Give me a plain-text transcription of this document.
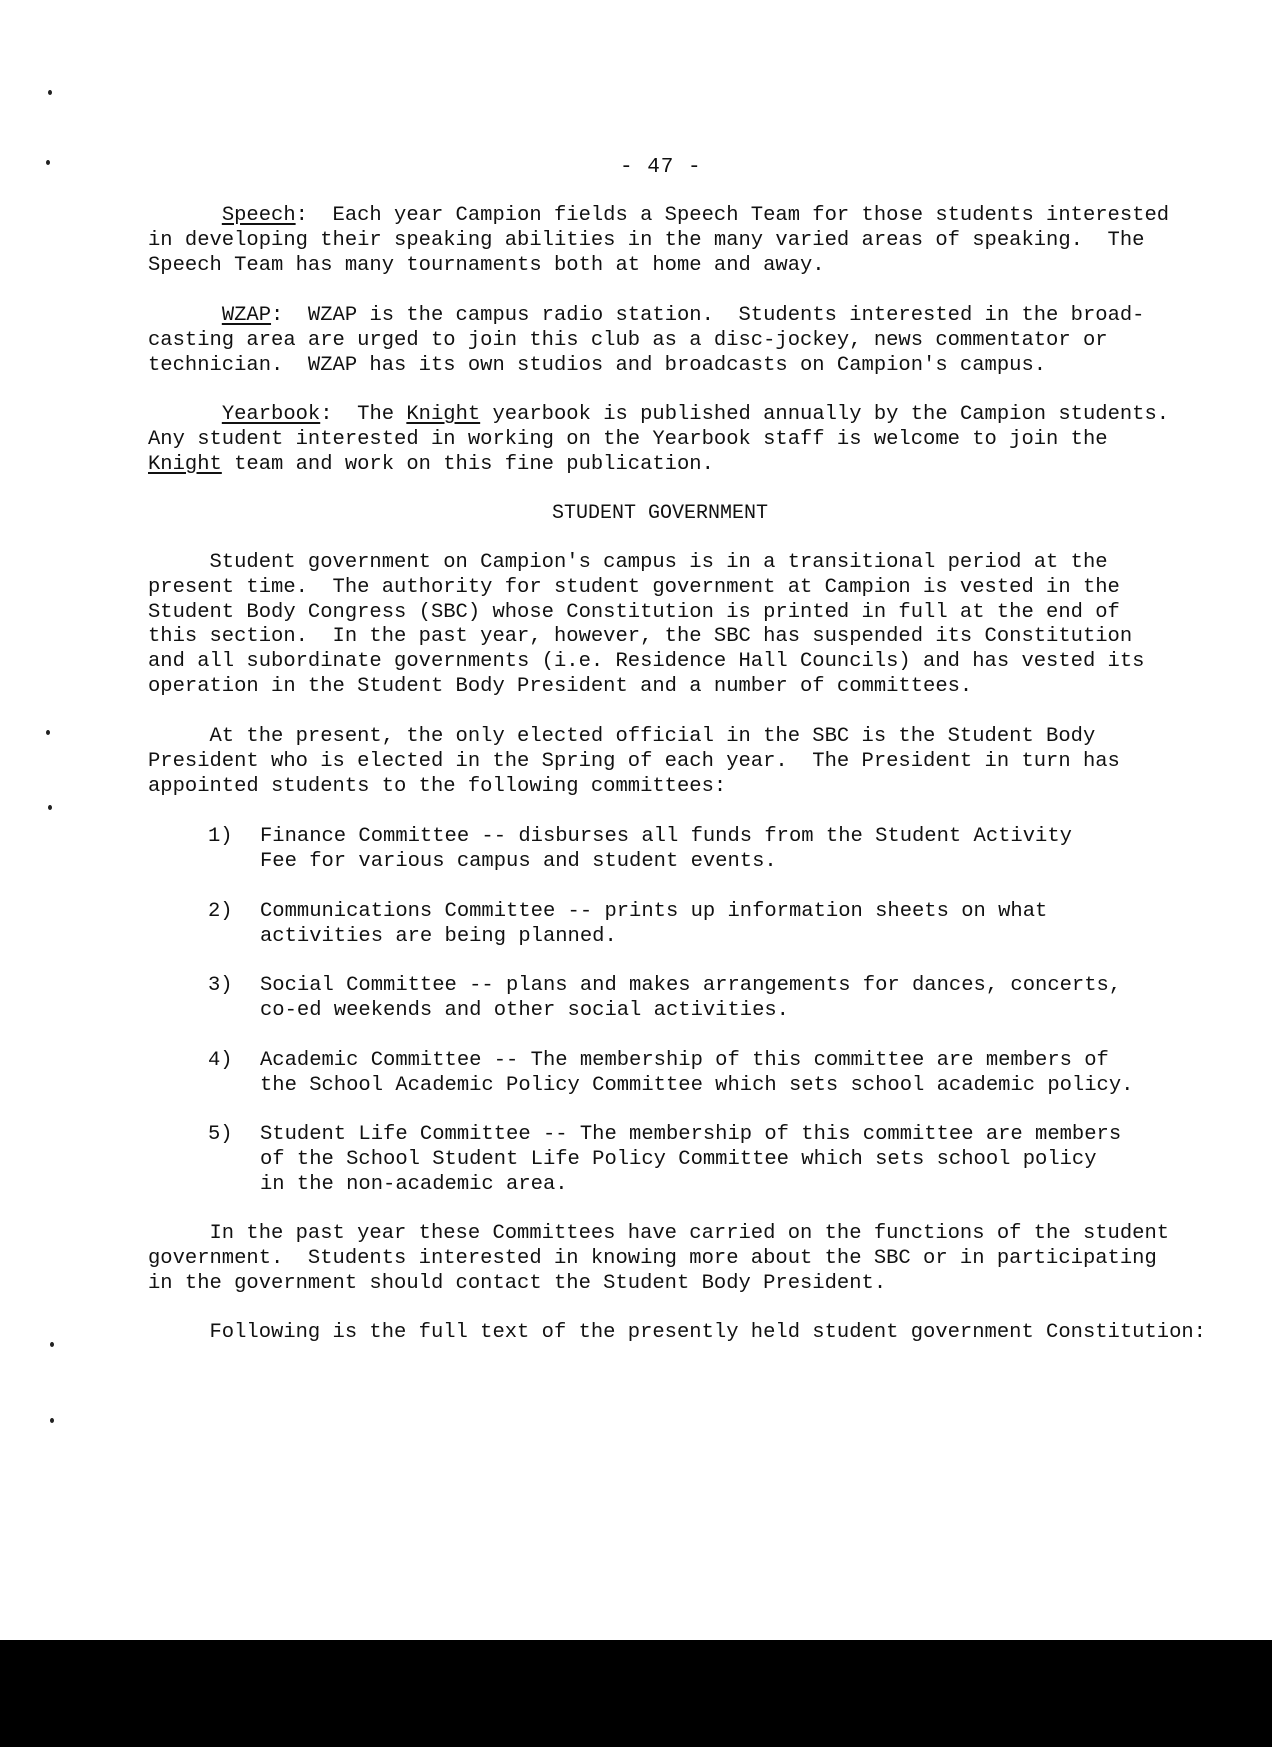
- 47 -
Speech:  Each year Campion fields a Speech Team for those students interested
in developing their speaking abilities in the many varied areas of speaking.  The
Speech Team has many tournaments both at home and away.
WZAP:  WZAP is the campus radio station.  Students interested in the broad-
casting area are urged to join this club as a disc-jockey, news commentator or
technician.  WZAP has its own studios and broadcasts on Campion's campus.
Yearbook:  The Knight yearbook is published annually by the Campion students.
Any student interested in working on the Yearbook staff is welcome to join the
Knight team and work on this fine publication.
STUDENT GOVERNMENT
Student government on Campion's campus is in a transitional period at the
present time.  The authority for student government at Campion is vested in the
Student Body Congress (SBC) whose Constitution is printed in full at the end of
this section.  In the past year, however, the SBC has suspended its Constitution
and all subordinate governments (i.e. Residence Hall Councils) and has vested its
operation in the Student Body President and a number of committees.
At the present, the only elected official in the SBC is the Student Body
President who is elected in the Spring of each year.  The President in turn has
appointed students to the following committees:
1) Finance Committee -- disburses all funds from the Student Activity
Fee for various campus and student events.
2) Communications Committee -- prints up information sheets on what
activities are being planned.
3) Social Committee -- plans and makes arrangements for dances, concerts,
co-ed weekends and other social activities.
4) Academic Committee -- The membership of this committee are members of
the School Academic Policy Committee which sets school academic policy.
5) Student Life Committee -- The membership of this committee are members
of the School Student Life Policy Committee which sets school policy
in the non-academic area.
In the past year these Committees have carried on the functions of the student
government.  Students interested in knowing more about the SBC or in participating
in the government should contact the Student Body President.
Following is the full text of the presently held student government Constitution:
